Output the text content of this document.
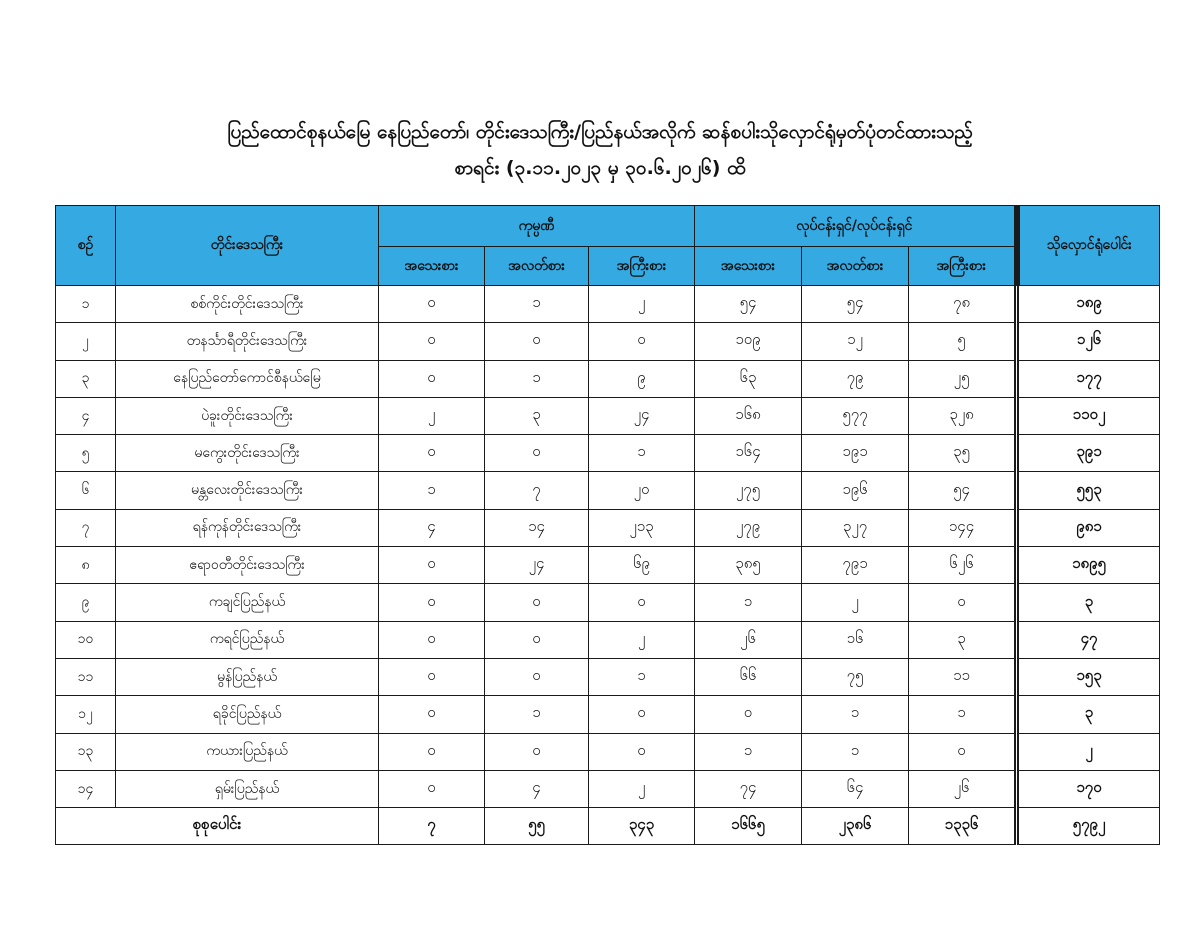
ပြည်ထောင်စုနယ်မြေ နေပြည်တော်၊ တိုင်းဒေသကြီး/ပြည်နယ်အလိုက် ဆန်စပါးသိုလှောင်ရုံမှတ်ပုံတင်ထားသည့်
စာရင်း (၃.၁၁.၂၀၂၃ မှ ၃၀.၆.၂၀၂၆) ထိ
စဉ်	တိုင်းဒေသကြီး	ကုမ္ပဏီ			လုပ်ငန်းရှင်/လုပ်ငန်းရှင်			သိုလှောင်ရုံပေါင်း
		အသေးစား	အလတ်စား	အကြီးစား	အသေးစား	အလတ်စား	အကြီးစား	
၁	စစ်ကိုင်းတိုင်းဒေသကြီး	၀	၁	၂	၅၄	၅၄	၇၈	၁၈၉
၂	တနင်္သာရီတိုင်းဒေသကြီး	၀	၀	၀	၁၀၉	၁၂	၅	၁၂၆
၃	နေပြည်တော်ကောင်စီနယ်မြေ	၀	၁	၉	၆၃	၇၉	၂၅	၁၇၇
၄	ပဲခူးတိုင်းဒေသကြီး	၂	၃	၂၄	၁၆၈	၅၇၇	၃၂၈	၁၁၀၂
၅	မကွေးတိုင်းဒေသကြီး	၀	၀	၁	၁၆၄	၁၉၁	၃၅	၃၉၁
၆	မန္တလေးတိုင်းဒေသကြီး	၁	၇	၂၀	၂၇၅	၁၉၆	၅၄	၅၅၃
၇	ရန်ကုန်တိုင်းဒေသကြီး	၄	၁၄	၂၁၃	၂၇၉	၃၂၇	၁၄၄	၉၈၁
၈	ဧရာဝတီတိုင်းဒေသကြီး	၀	၂၄	၆၉	၃၈၅	၇၉၁	၆၂၆	၁၈၉၅
၉	ကချင်ပြည်နယ်	၀	၀	၀	၁	၂	၀	၃
၁၀	ကရင်ပြည်နယ်	၀	၀	၂	၂၆	၁၆	၃	၄၇
၁၁	မွန်ပြည်နယ်	၀	၀	၁	၆၆	၇၅	၁၁	၁၅၃
၁၂	ရခိုင်ပြည်နယ်	၀	၁	၀	၀	၁	၁	၃
၁၃	ကယားပြည်နယ်	၀	၀	၀	၁	၁	၀	၂
၁၄	ရှမ်းပြည်နယ်	၀	၄	၂	၇၄	၆၄	၂၆	၁၇၀
စုစုပေါင်း		၇	၅၅	၃၄၃	၁၆၆၅	၂၃၈၆	၁၃၃၆	၅၇၉၂
